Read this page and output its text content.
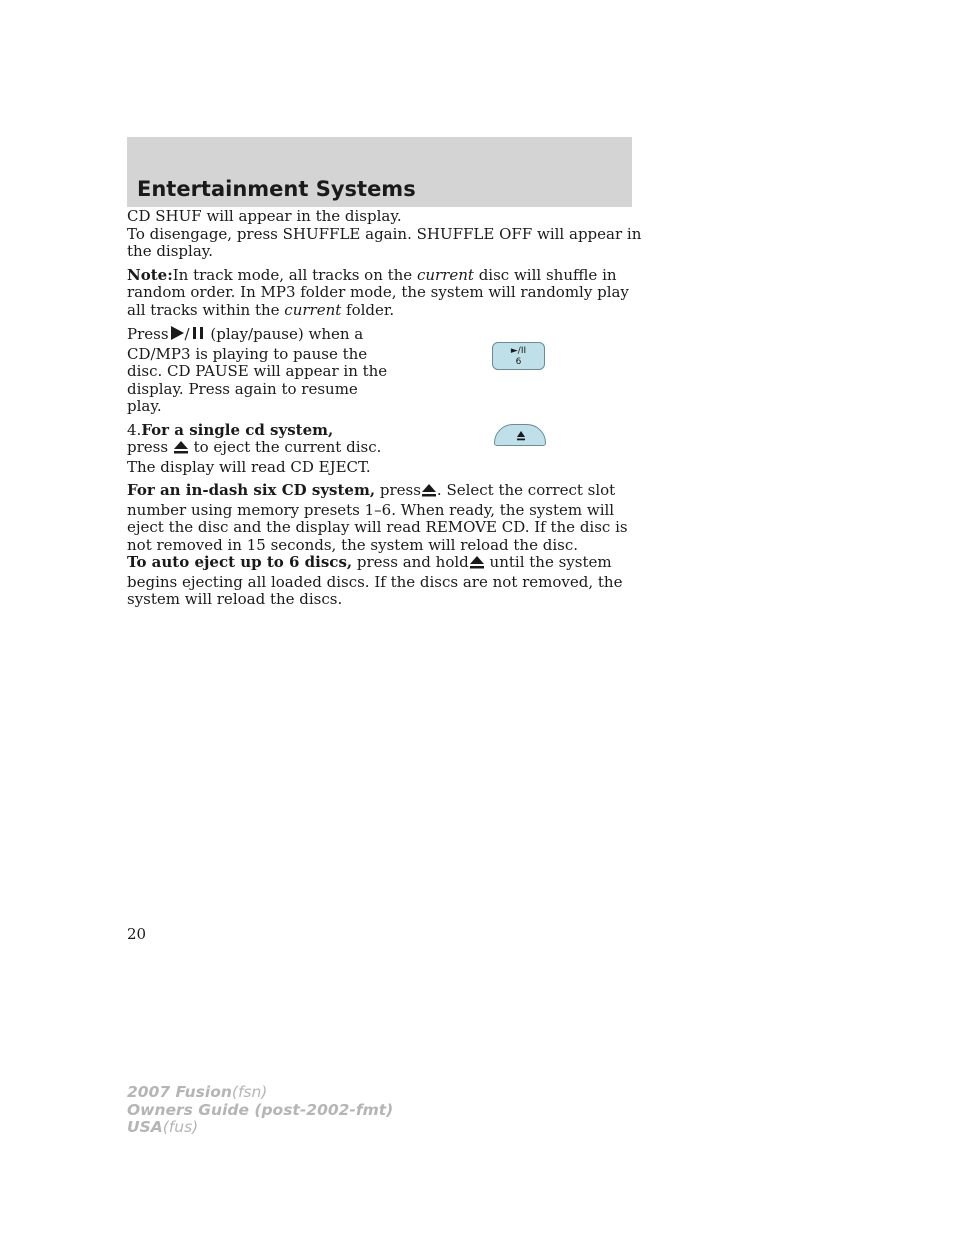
Entertainment Systems

CD SHUF will appear in the display.

To disengage, press SHUFFLE again. SHUFFLE OFF will appear in the display.

Note:In track mode, all tracks on the current disc will shuffle in random order. In MP3 folder mode, the system will randomly play all tracks within the current folder.

Press / (play/pause) when a CD/MP3 is playing to pause the disc. CD PAUSE will appear in the display. Press again to resume play.

4.For a single cd system,
press  to eject the current disc.
The display will read CD EJECT.

For an in-dash six CD system, press . Select the correct slot number using memory presets 1–6. When ready, the system will eject the disc and the display will read REMOVE CD. If the disc is not removed in 15 seconds, the system will reload the disc.

To auto eject up to 6 discs, press and hold until the system begins ejecting all loaded discs. If the discs are not removed, the system will reload the discs.

►/II
6
20
2007 Fusion(fsn)
Owners Guide (post-2002-fmt)
USA(fus)
